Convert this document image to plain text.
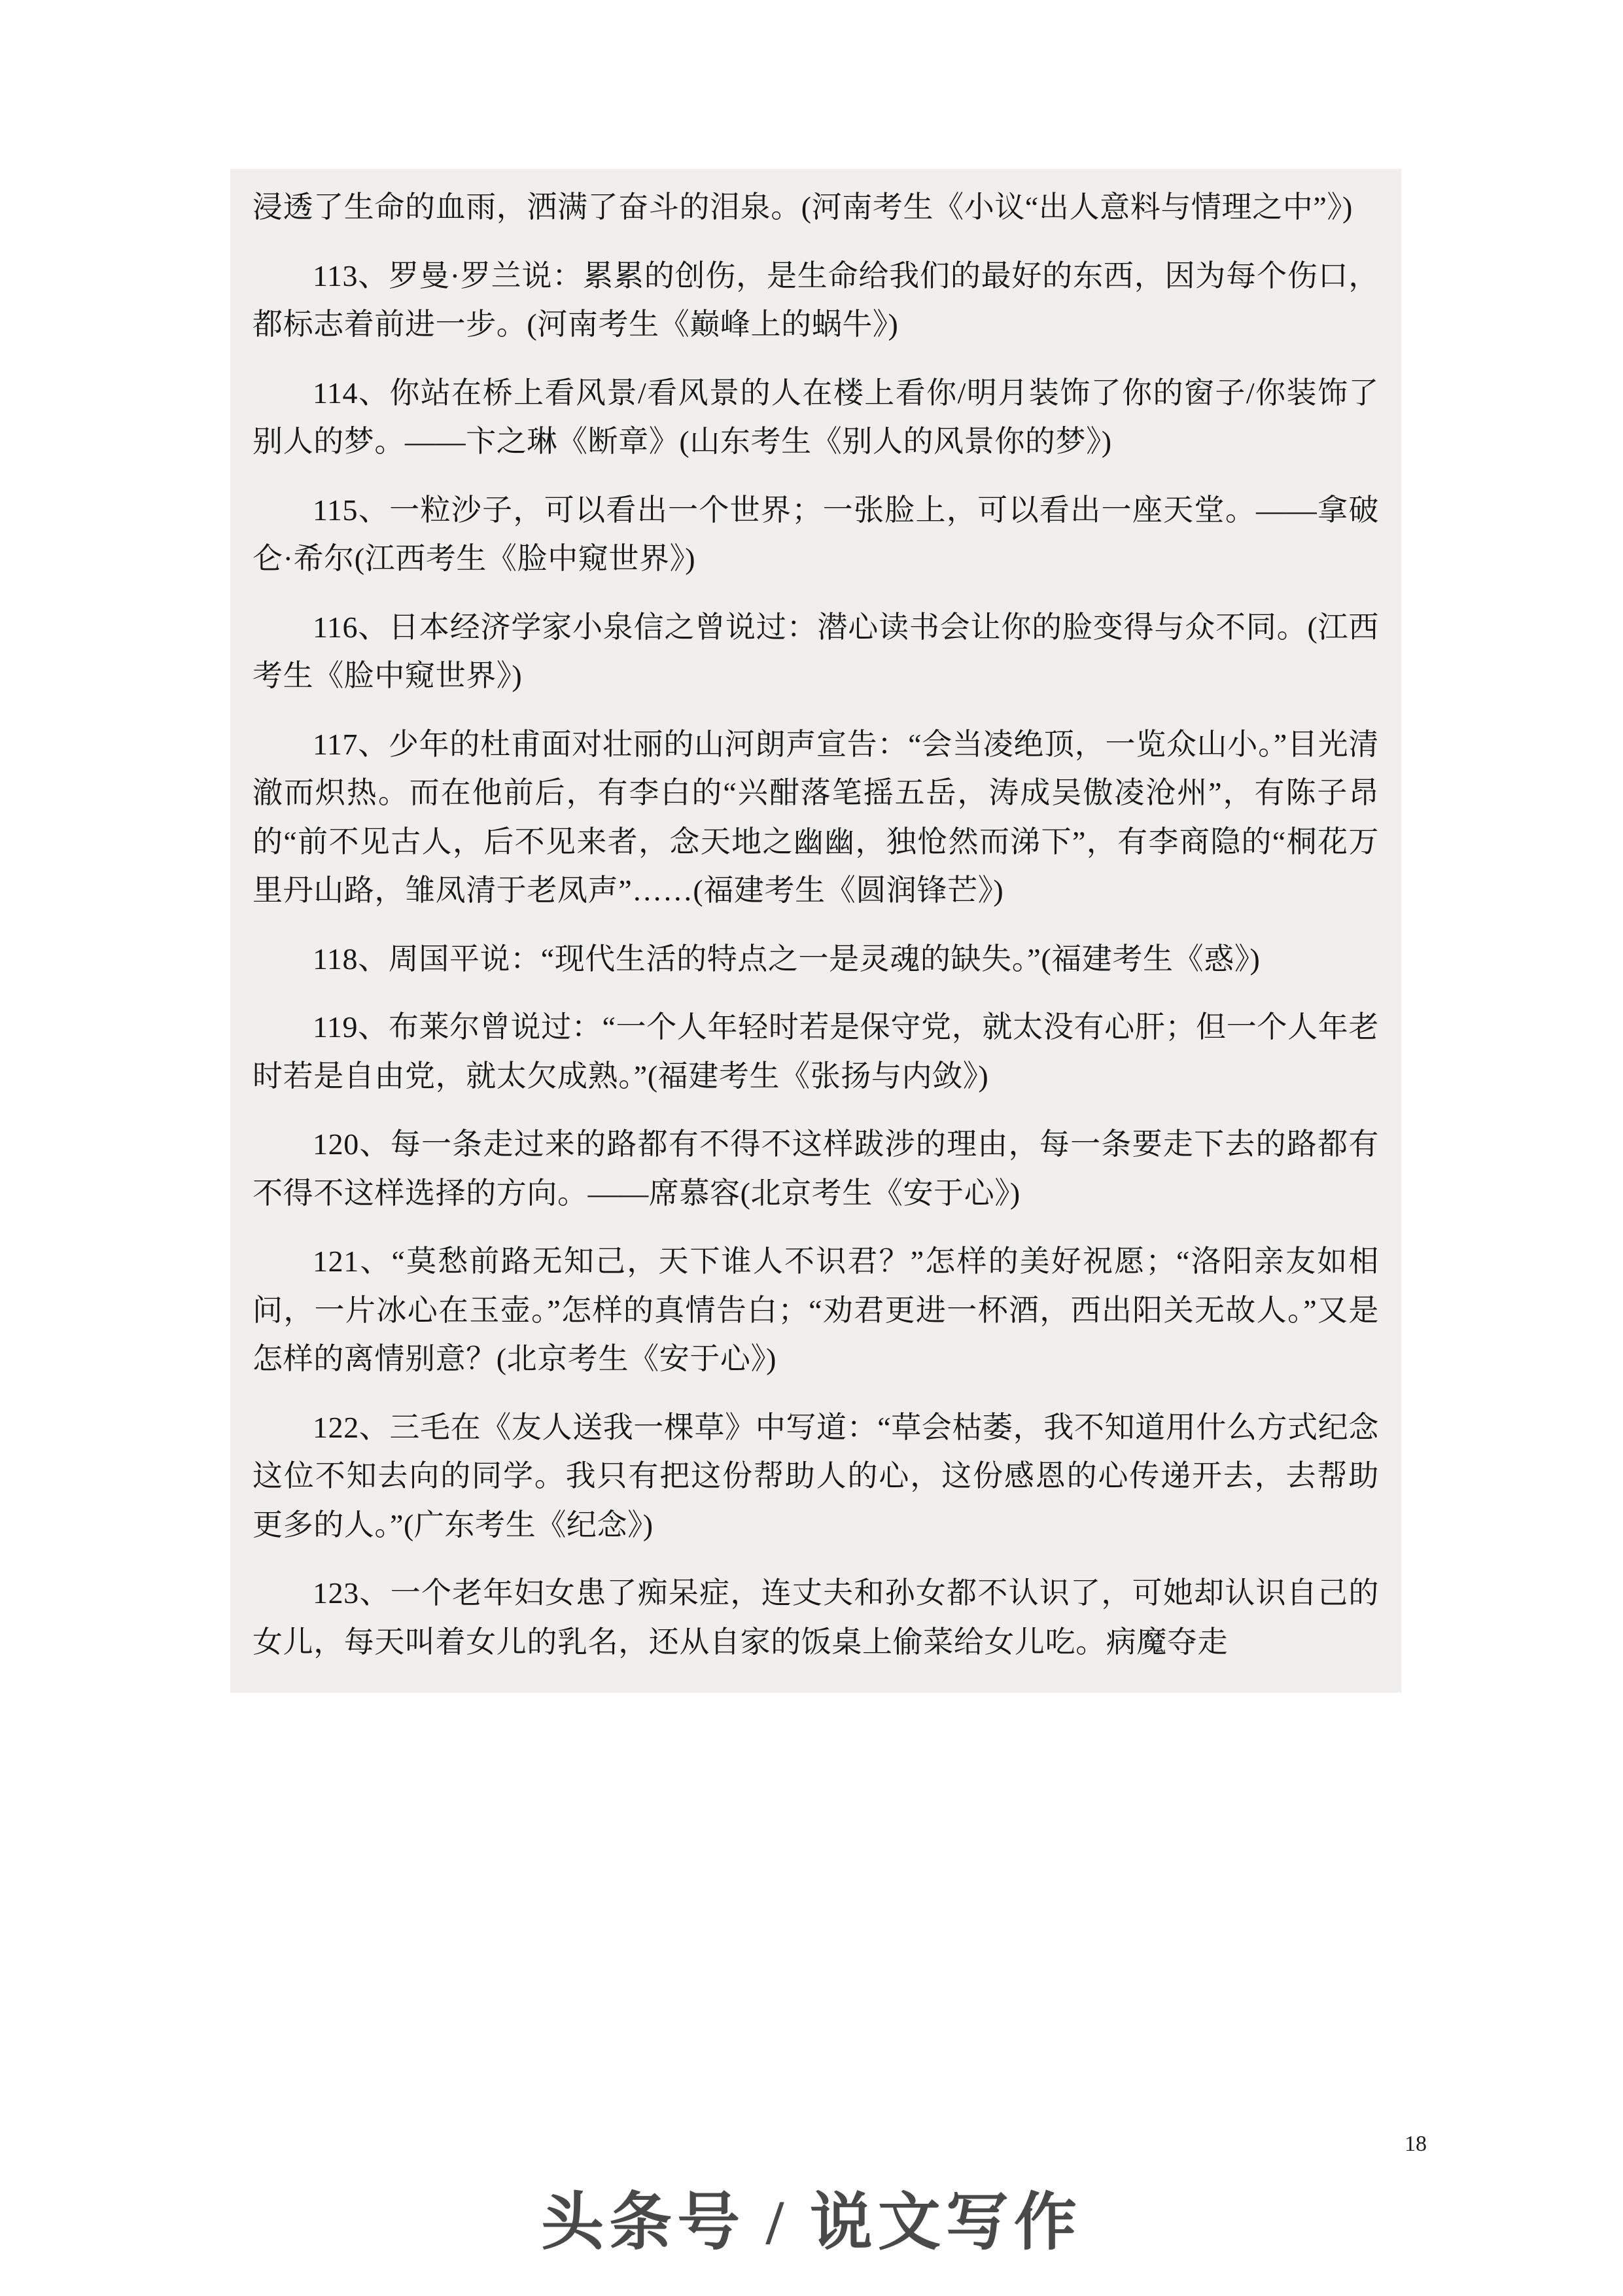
浸透了生命的血雨，洒满了奋斗的泪泉。(河南考生《小议“出人意料与情理之中”》)

113、罗曼·罗兰说：累累的创伤，是生命给我们的最好的东西，因为每个伤口，都标志着前进一步。(河南考生《巅峰上的蜗牛》)

114、你站在桥上看风景/看风景的人在楼上看你/明月装饰了你的窗子/你装饰了别人的梦。——卞之琳《断章》(山东考生《别人的风景你的梦》)

115、一粒沙子，可以看出一个世界；一张脸上，可以看出一座天堂。——拿破仑·希尔(江西考生《脸中窥世界》)

116、日本经济学家小泉信之曾说过：潜心读书会让你的脸变得与众不同。(江西考生《脸中窥世界》)

117、少年的杜甫面对壮丽的山河朗声宣告：“会当凌绝顶，一览众山小。”目光清澈而炽热。而在他前后，有李白的“兴酣落笔摇五岳，涛成吴傲凌沧州”，有陈子昂的“前不见古人，后不见来者，念天地之幽幽，独怆然而涕下”，有李商隐的“桐花万里丹山路，雏凤清于老凤声”……(福建考生《圆润锋芒》)

118、周国平说：“现代生活的特点之一是灵魂的缺失。”(福建考生《惑》)

119、布莱尔曾说过：“一个人年轻时若是保守党，就太没有心肝；但一个人年老时若是自由党，就太欠成熟。”(福建考生《张扬与内敛》)

120、每一条走过来的路都有不得不这样跋涉的理由，每一条要走下去的路都有不得不这样选择的方向。——席慕容(北京考生《安于心》)

121、“莫愁前路无知己，天下谁人不识君？”怎样的美好祝愿；“洛阳亲友如相问，一片冰心在玉壶。”怎样的真情告白；“劝君更进一杯酒，西出阳关无故人。”又是怎样的离情别意？(北京考生《安于心》)

122、三毛在《友人送我一棵草》中写道：“草会枯萎，我不知道用什么方式纪念这位不知去向的同学。我只有把这份帮助人的心，这份感恩的心传递开去，去帮助更多的人。”(广东考生《纪念》)

123、一个老年妇女患了痴呆症，连丈夫和孙女都不认识了，可她却认识自己的女儿，每天叫着女儿的乳名，还从自家的饭桌上偷菜给女儿吃。病魔夺走

18
头条号 / 说文写作
